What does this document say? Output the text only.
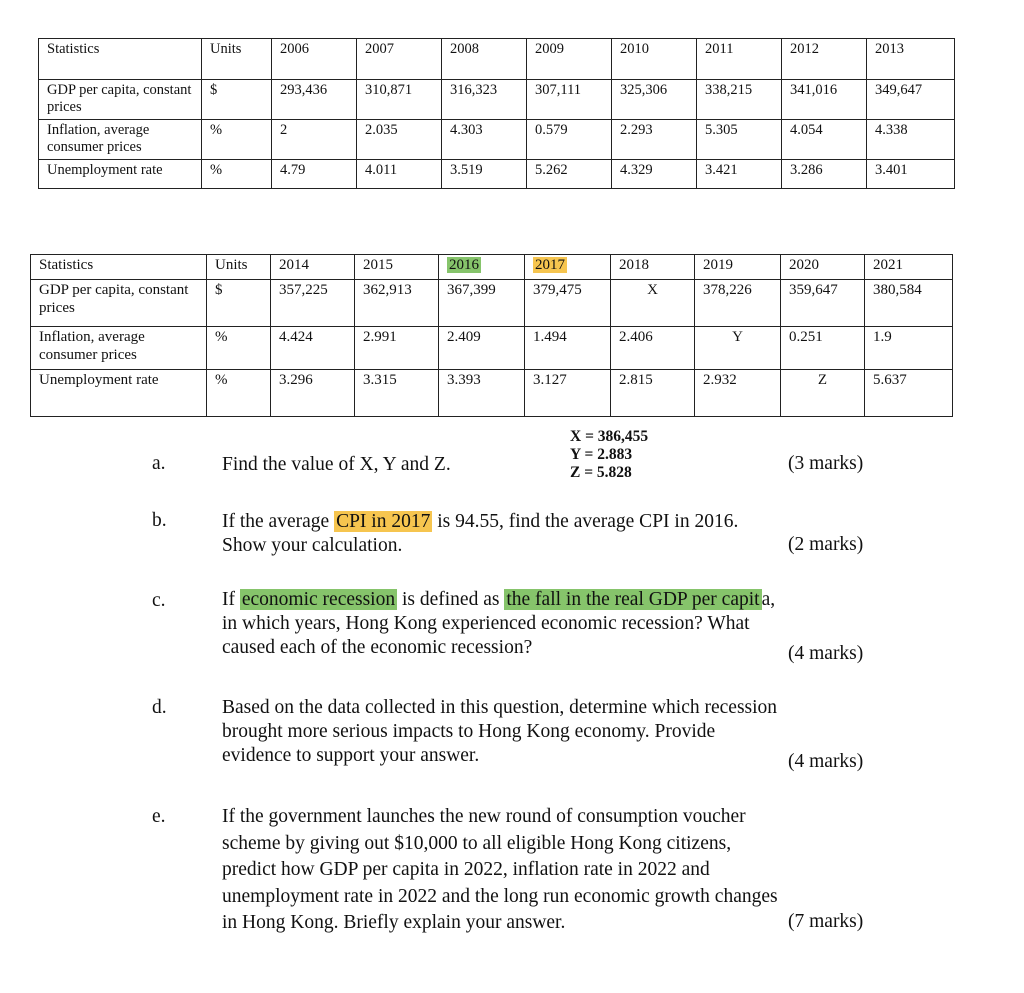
Statistics	Units	2006	2007	2008	2009	2010	2011	2012	2013
GDP per capita, constant prices	$	293,436	310,871	316,323	307,111	325,306	338,215	341,016	349,647
Inflation, average consumer prices	%	2	2.035	4.303	0.579	2.293	5.305	4.054	4.338
Unemployment rate	%	4.79	4.011	3.519	5.262	4.329	3.421	3.286	3.401
Statistics	Units	2014	2015	2016	2017	2018	2019	2020	2021
GDP per capita, constant prices	$	357,225	362,913	367,399	379,475	X	378,226	359,647	380,584
Inflation, average consumer prices	%	4.424	2.991	2.409	1.494	2.406	Y	0.251	1.9
Unemployment rate	%	3.296	3.315	3.393	3.127	2.815	2.932	Z	5.637
X = 386,455
Y = 2.883
Z = 5.828
a.	Find the value of X, Y and Z.	(3 marks)
b.	If the average CPI in 2017 is 94.55, find the average CPI in 2016.
Show your calculation.	(2 marks)
c.	If economic recession is defined as the fall in the real GDP per capit a,
in which years, Hong Kong experienced economic recession? What
caused each of the economic recession?	(4 marks)
d.	Based on the data collected in this question, determine which recession
brought more serious impacts to Hong Kong economy. Provide
evidence to support your answer.	(4 marks)
e.	If the government launches the new round of consumption voucher
scheme by giving out $10,000 to all eligible Hong Kong citizens,
predict how GDP per capita in 2022, inflation rate in 2022 and
unemployment rate in 2022 and the long run economic growth changes
in Hong Kong. Briefly explain your answer.	(7 marks)
